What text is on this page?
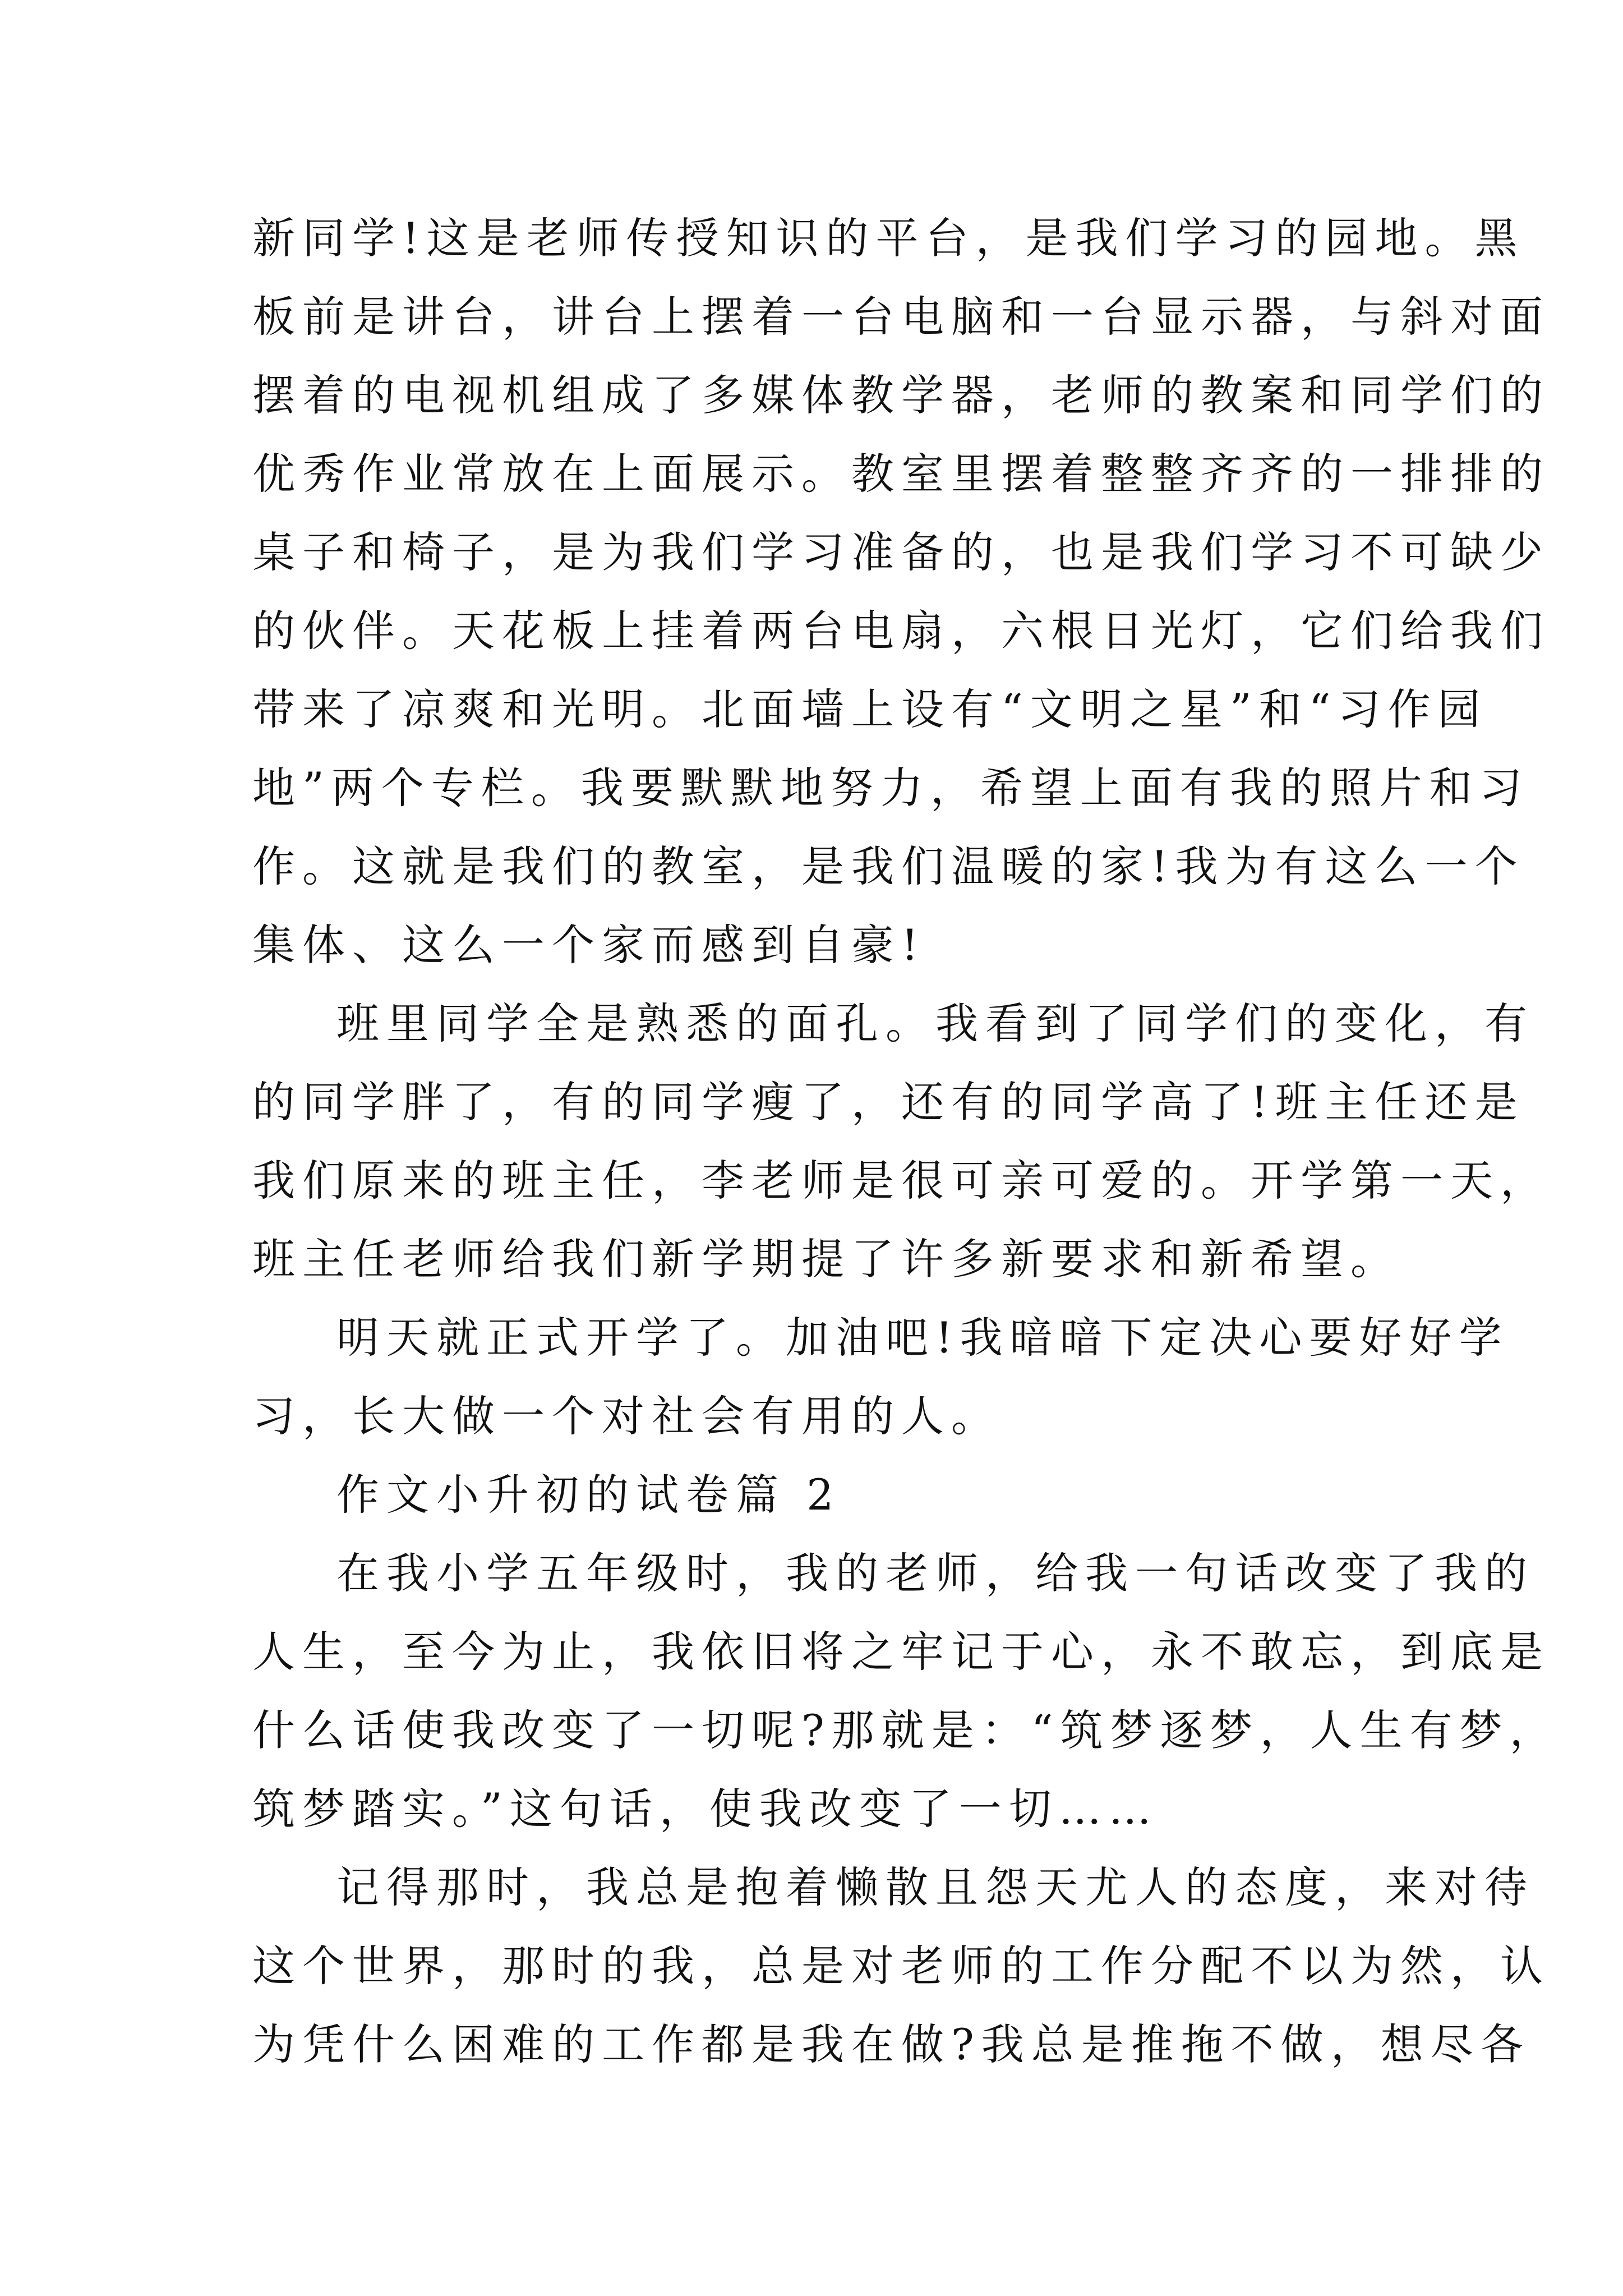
新同学!这是老师传授知识的平台，是我们学习的园地。黑
板前是讲台，讲台上摆着一台电脑和一台显示器，与斜对面
摆着的电视机组成了多媒体教学器，老师的教案和同学们的
优秀作业常放在上面展示。教室里摆着整整齐齐的一排排的
桌子和椅子，是为我们学习准备的，也是我们学习不可缺少
的伙伴。天花板上挂着两台电扇，六根日光灯，它们给我们
带来了凉爽和光明。北面墙上设有“文明之星”和“习作园
地”两个专栏。我要默默地努力，希望上面有我的照片和习
作。这就是我们的教室，是我们温暖的家!我为有这么一个
集体、这么一个家而感到自豪!
班里同学全是熟悉的面孔。我看到了同学们的变化，有
的同学胖了，有的同学瘦了，还有的同学高了!班主任还是
我们原来的班主任，李老师是很可亲可爱的。开学第一天，
班主任老师给我们新学期提了许多新要求和新希望。
明天就正式开学了。加油吧!我暗暗下定决心要好好学
习，长大做一个对社会有用的人。
作文小升初的试卷篇 2
在我小学五年级时，我的老师，给我一句话改变了我的
人生，至今为止，我依旧将之牢记于心，永不敢忘，到底是
什么话使我改变了一切呢?那就是：“筑梦逐梦，人生有梦，
筑梦踏实。”这句话，使我改变了一切……
记得那时，我总是抱着懒散且怨天尤人的态度，来对待
这个世界，那时的我，总是对老师的工作分配不以为然，认
为凭什么困难的工作都是我在做?我总是推拖不做，想尽各
